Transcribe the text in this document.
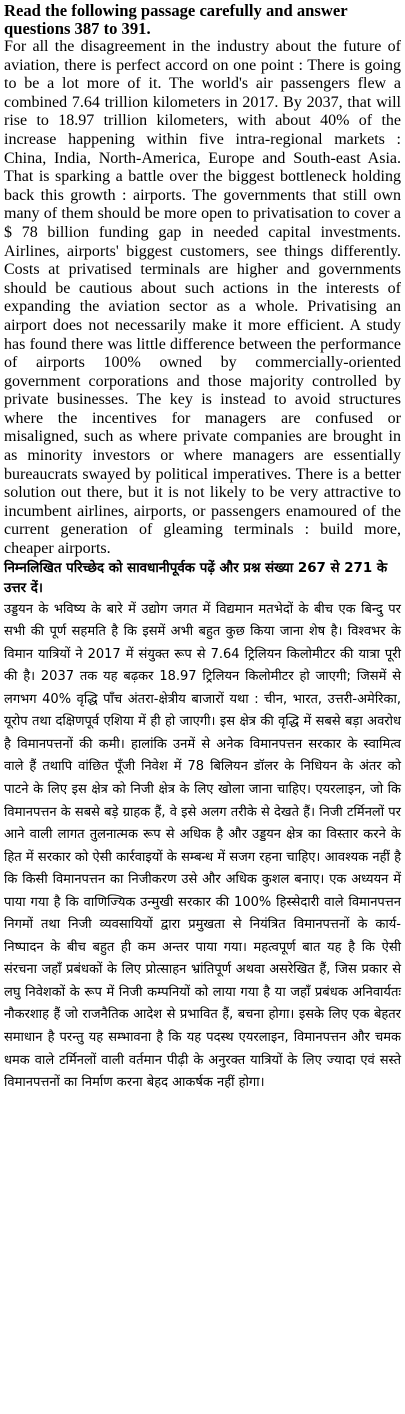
Read the following passage carefully and answer questions 387 to 391.

For all the disagreement in the industry about the future of aviation, there is perfect accord on one point : There is going to be a lot more of it. The world's air passengers flew a combined 7.64 trillion kilometers in 2017. By 2037, that will rise to 18.97 trillion kilometers, with about 40% of the increase happening within five intra-regional markets : China, India, North-America, Europe and South-east Asia. That is sparking a battle over the biggest bottleneck holding back this growth : airports. The governments that still own many of them should be more open to privatisation to cover a $ 78 billion funding gap in needed capital investments. Airlines, airports' biggest customers, see things differently. Costs at privatised terminals are higher and governments should be cautious about such actions in the interests of expanding the aviation sector as a whole. Privatising an airport does not necessarily make it more efficient. A study has found there was little difference between the performance of airports 100% owned by commercially-oriented government corporations and those majority controlled by private businesses. The key is instead to avoid structures where the incentives for managers are confused or misaligned, such as where private companies are brought in as minority investors or where managers are essentially bureaucrats swayed by political imperatives. There is a better solution out there, but it is not likely to be very attractive to incumbent airlines, airports, or passengers enamoured of the current generation of gleaming terminals : build more, cheaper airports.

निम्नलिखित परिच्छेद को सावधानीपूर्वक पढ़ें और प्रश्न संख्या 267 से 271 के उत्तर दें।

उड्डयन के भविष्य के बारे में उद्योग जगत में विद्यमान मतभेदों के बीच एक बिन्दु पर सभी की पूर्ण सहमति है कि इसमें अभी बहुत कुछ किया जाना शेष है। विश्वभर के विमान यात्रियों ने 2017 में संयुक्त रूप से 7.64 ट्रिलियन किलोमीटर की यात्रा पूरी की है। 2037 तक यह बढ़कर 18.97 ट्रिलियन किलोमीटर हो जाएगी; जिसमें से लगभग 40% वृद्धि पाँच अंतरा-क्षेत्रीय बाजारों यथा : चीन, भारत, उत्तरी-अमेरिका, यूरोप तथा दक्षिणपूर्व एशिया में ही हो जाएगी। इस क्षेत्र की वृद्धि में सबसे बड़ा अवरोध है विमानपत्तनों की कमी। हालांकि उनमें से अनेक विमानपत्तन सरकार के स्वामित्व वाले हैं तथापि वांछित पूँजी निवेश में 78 बिलियन डॉलर के निधियन के अंतर को पाटने के लिए इस क्षेत्र को निजी क्षेत्र के लिए खोला जाना चाहिए। एयरलाइन, जो कि विमानपत्तन के सबसे बड़े ग्राहक हैं, वे इसे अलग तरीके से देखते हैं। निजी टर्मिनलों पर आने वाली लागत तुलनात्मक रूप से अधिक है और उड्डयन क्षेत्र का विस्तार करने के हित में सरकार को ऐसी कार्रवाइयों के सम्बन्ध में सजग रहना चाहिए। आवश्यक नहीं है कि किसी विमानपत्तन का निजीकरण उसे और अधिक कुशल बनाए। एक अध्ययन में पाया गया है कि वाणिज्यिक उन्मुखी सरकार की 100% हिस्सेदारी वाले विमानपत्तन निगमों तथा निजी व्यवसायियों द्वारा प्रमुखता से नियंत्रित विमानपत्तनों के कार्य-निष्पादन के बीच बहुत ही कम अन्तर पाया गया। महत्वपूर्ण बात यह है कि ऐसी संरचना जहाँ प्रबंधकों के लिए प्रोत्साहन भ्रांतिपूर्ण अथवा असरेखित हैं, जिस प्रकार से लघु निवेशकों के रूप में निजी कम्पनियों को लाया गया है या जहाँ प्रबंधक अनिवार्यतः नौकरशाह हैं जो राजनैतिक आदेश से प्रभावित हैं, बचना होगा। इसके लिए एक बेहतर समाधान है परन्तु यह सम्भावना है कि यह पदस्थ एयरलाइन, विमानपत्तन और चमक धमक वाले टर्मिनलों वाली वर्तमान पीढ़ी के अनुरक्त यात्रियों के लिए ज्यादा एवं सस्ते विमानपत्तनों का निर्माण करना बेहद आकर्षक नहीं होगा।
